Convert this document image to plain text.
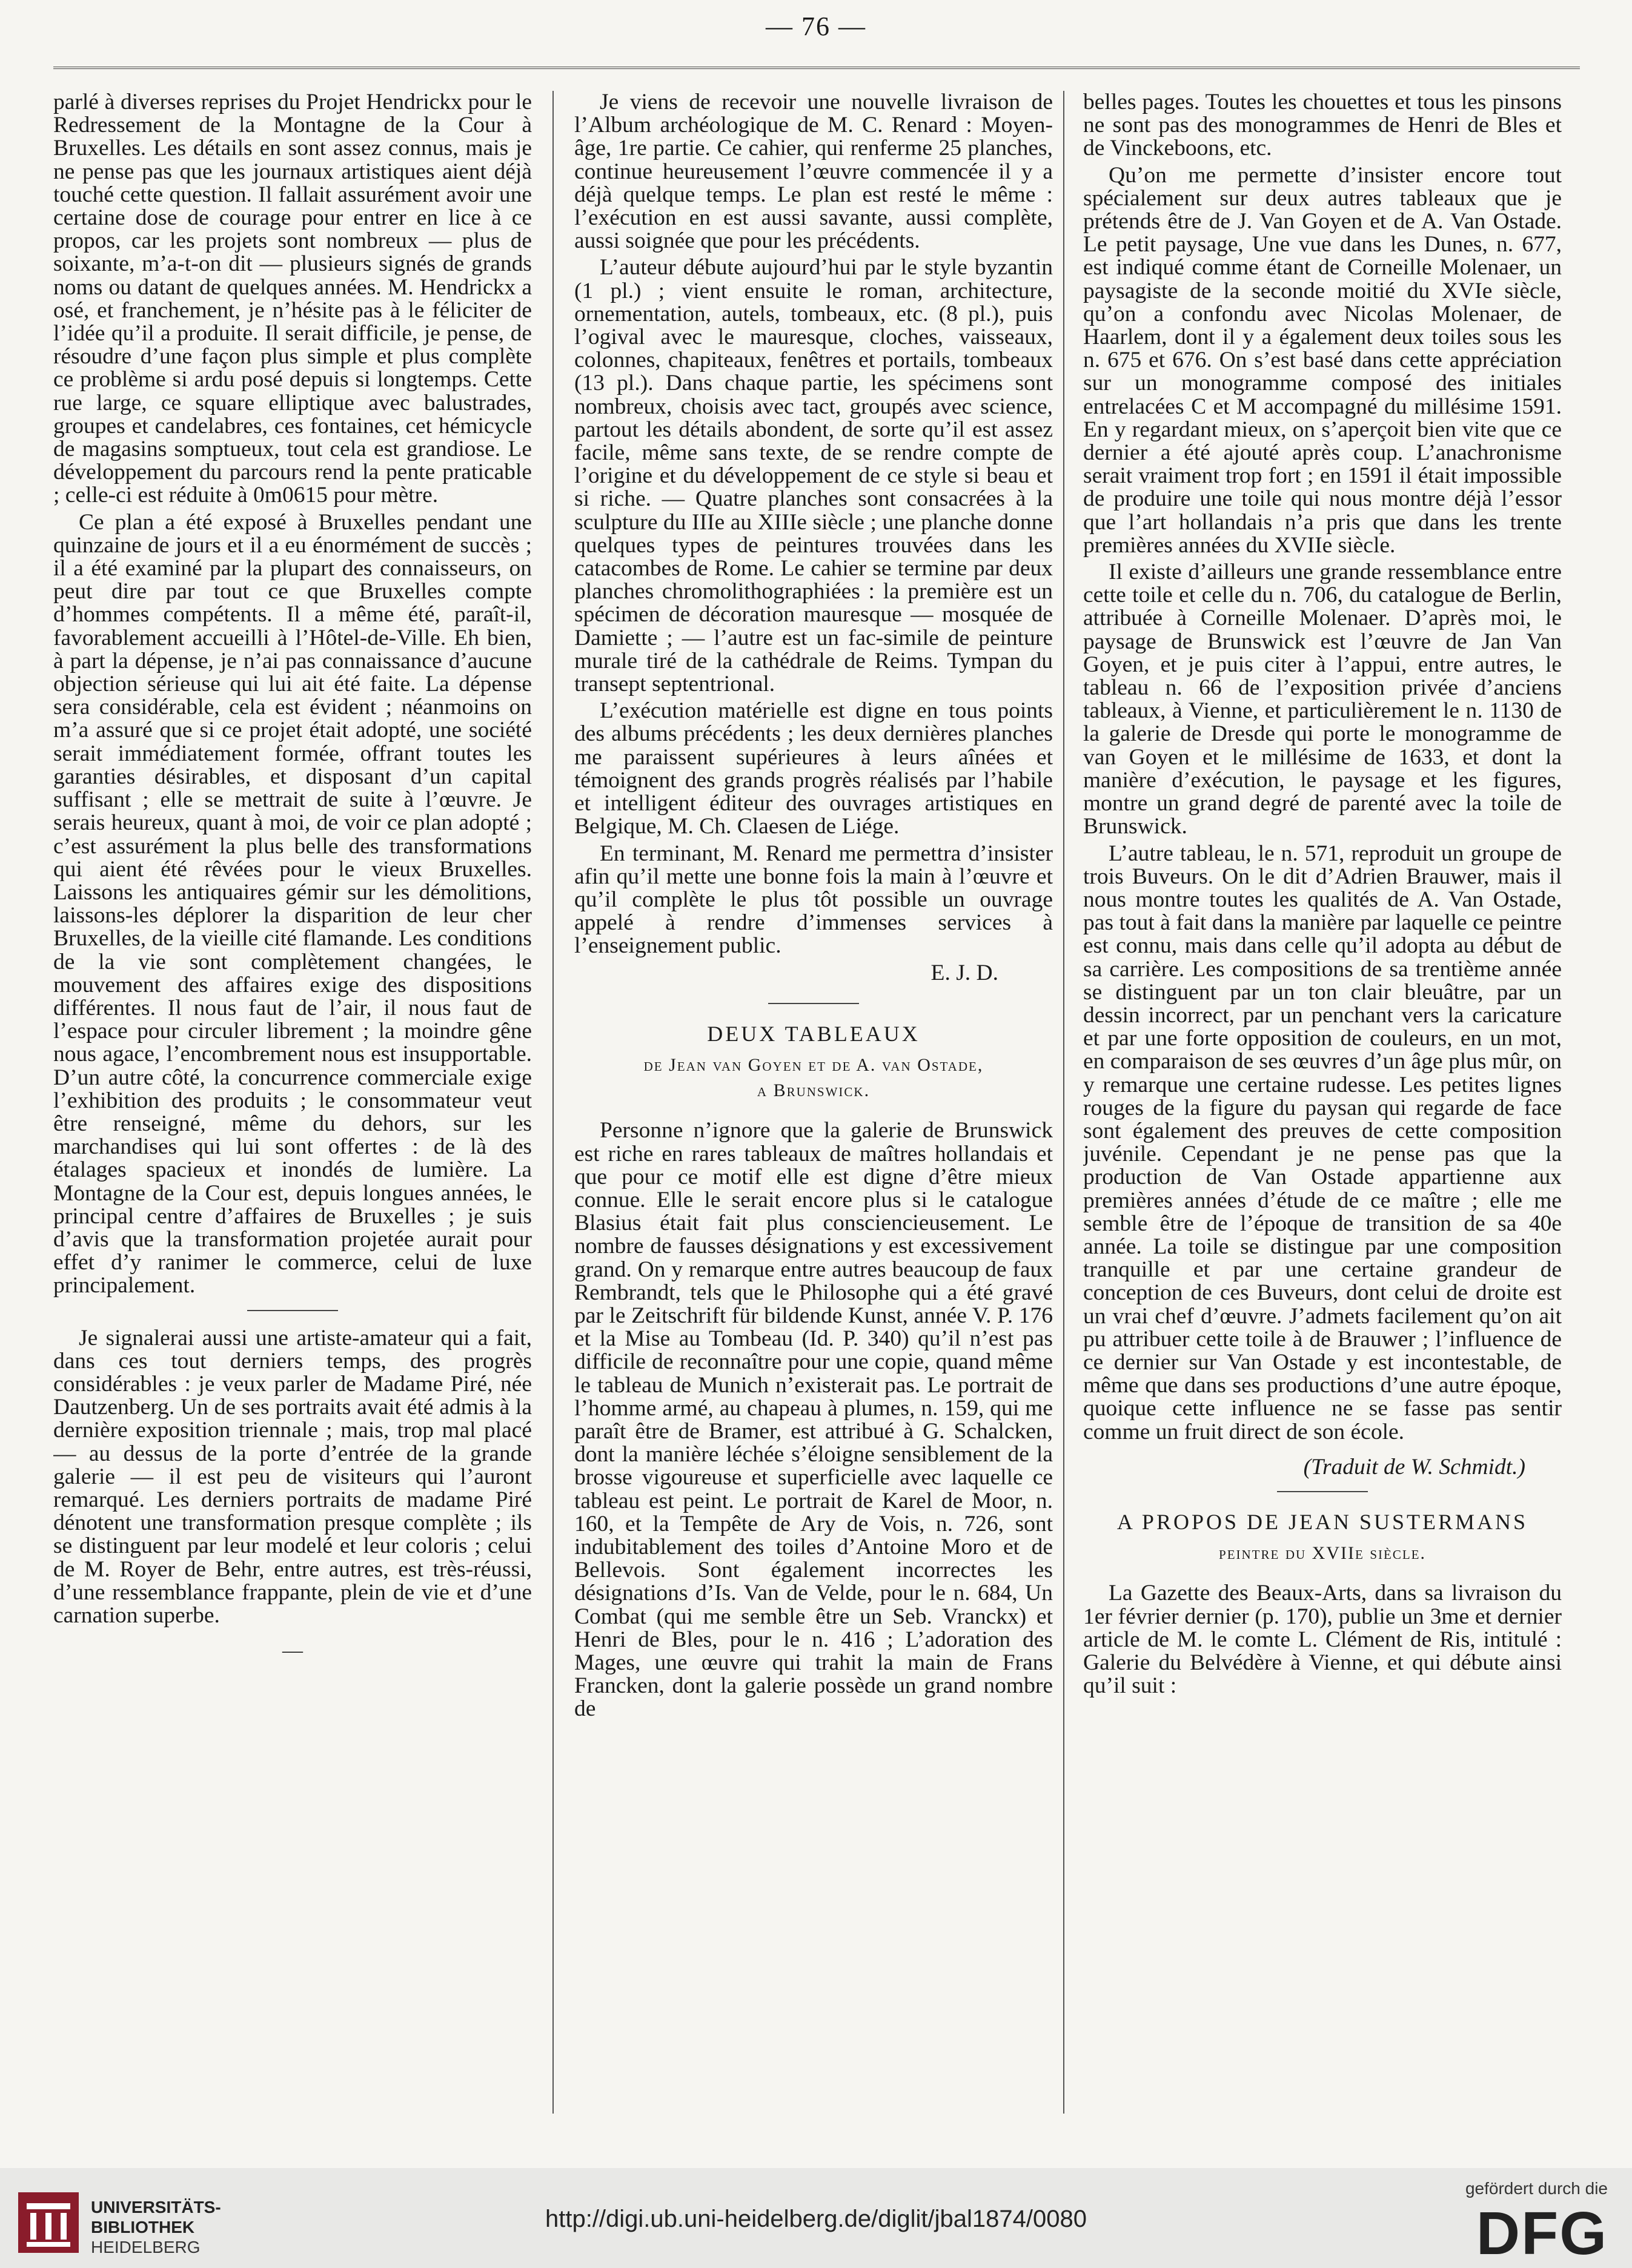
— 76 —

parlé à diverses reprises du Projet Hendrickx pour le Redressement de la Montagne de la Cour à Bruxelles. Les détails en sont assez connus, mais je ne pense pas que les journaux artistiques aient déjà touché cette question. Il fallait assurément avoir une certaine dose de courage pour entrer en lice à ce propos, car les projets sont nombreux — plus de soixante, m’a-t-on dit — plusieurs signés de grands noms ou datant de quelques années. M. Hendrickx a osé, et franchement, je n’hésite pas à le féliciter de l’idée qu’il a produite. Il serait difficile, je pense, de résoudre d’une façon plus simple et plus complète ce problème si ardu posé depuis si longtemps. Cette rue large, ce square elliptique avec balustrades, groupes et candelabres, ces fontaines, cet hémicycle de magasins somptueux, tout cela est grandiose. Le développement du parcours rend la pente praticable ; celle-ci est réduite à 0m0615 pour mètre.

Ce plan a été exposé à Bruxelles pendant une quinzaine de jours et il a eu énormément de succès ; il a été examiné par la plupart des connaisseurs, on peut dire par tout ce que Bruxelles compte d’hommes compétents. Il a même été, paraît-il, favorablement accueilli à l’Hôtel-de-Ville. Eh bien, à part la dépense, je n’ai pas connaissance d’aucune objection sérieuse qui lui ait été faite. La dépense sera considérable, cela est évident ; néanmoins on m’a assuré que si ce projet était adopté, une société serait immédiatement formée, offrant toutes les garanties désirables, et disposant d’un capital suffisant ; elle se mettrait de suite à l’œuvre. Je serais heureux, quant à moi, de voir ce plan adopté ; c’est assurément la plus belle des transformations qui aient été rêvées pour le vieux Bruxelles. Laissons les antiquaires gémir sur les démolitions, laissons-les déplorer la disparition de leur cher Bruxelles, de la vieille cité flamande. Les conditions de la vie sont complètement changées, le mouvement des affaires exige des dispositions différentes. Il nous faut de l’air, il nous faut de l’espace pour circuler librement ; la moindre gêne nous agace, l’encombrement nous est insupportable. D’un autre côté, la concurrence commerciale exige l’exhibition des produits ; le consommateur veut être renseigné, même du dehors, sur les marchandises qui lui sont offertes : de là des étalages spacieux et inondés de lumière. La Montagne de la Cour est, depuis longues années, le principal centre d’affaires de Bruxelles ; je suis d’avis que la transformation projetée aurait pour effet d’y ranimer le commerce, celui de luxe principalement.

Je signalerai aussi une artiste-amateur qui a fait, dans ces tout derniers temps, des progrès considérables : je veux parler de Madame Piré, née Dautzenberg. Un de ses portraits avait été admis à la dernière exposition triennale ; mais, trop mal placé — au dessus de la porte d’entrée de la grande galerie — il est peu de visiteurs qui l’auront remarqué. Les derniers portraits de madame Piré dénotent une transformation presque complète ; ils se distinguent par leur modelé et leur coloris ; celui de M. Royer de Behr, entre autres, est très-réussi, d’une ressemblance frappante, plein de vie et d’une carnation superbe.

—

Je viens de recevoir une nouvelle livraison de l’Album archéologique de M. C. Renard : Moyen-âge, 1re partie. Ce cahier, qui renferme 25 planches, continue heureusement l’œuvre commencée il y a déjà quelque temps. Le plan est resté le même : l’exécution en est aussi savante, aussi complète, aussi soignée que pour les précédents.

L’auteur débute aujourd’hui par le style byzantin (1 pl.) ; vient ensuite le roman, architecture, ornementation, autels, tombeaux, etc. (8 pl.), puis l’ogival avec le mauresque, cloches, vaisseaux, colonnes, chapiteaux, fenêtres et portails, tombeaux (13 pl.). Dans chaque partie, les spécimens sont nombreux, choisis avec tact, groupés avec science, partout les détails abondent, de sorte qu’il est assez facile, même sans texte, de se rendre compte de l’origine et du développement de ce style si beau et si riche. — Quatre planches sont consacrées à la sculpture du IIIe au XIIIe siècle ; une planche donne quelques types de peintures trouvées dans les catacombes de Rome. Le cahier se termine par deux planches chromolithographiées : la première est un spécimen de décoration mauresque — mosquée de Damiette ; — l’autre est un fac-simile de peinture murale tiré de la cathédrale de Reims. Tympan du transept septentrional.

L’exécution matérielle est digne en tous points des albums précédents ; les deux dernières planches me paraissent supérieures à leurs aînées et témoignent des grands progrès réalisés par l’habile et intelligent éditeur des ouvrages artistiques en Belgique, M. Ch. Claesen de Liége.

En terminant, M. Renard me permettra d’insister afin qu’il mette une bonne fois la main à l’œuvre et qu’il complète le plus tôt possible un ouvrage appelé à rendre d’immenses services à l’enseignement public.

E. J. D.
DEUX TABLEAUX
de Jean van Goyen et de A. van Ostade,
a Brunswick.

Personne n’ignore que la galerie de Brunswick est riche en rares tableaux de maîtres hollandais et que pour ce motif elle est digne d’être mieux connue. Elle le serait encore plus si le catalogue Blasius était fait plus consciencieusement. Le nombre de fausses désignations y est excessivement grand. On y remarque entre autres beaucoup de faux Rembrandt, tels que le Philosophe qui a été gravé par le Zeitschrift für bildende Kunst, année V. P. 176 et la Mise au Tombeau (Id. P. 340) qu’il n’est pas difficile de reconnaître pour une copie, quand même le tableau de Munich n’existerait pas. Le portrait de l’homme armé, au chapeau à plumes, n. 159, qui me paraît être de Bramer, est attribué à G. Schalcken, dont la manière léchée s’éloigne sensiblement de la brosse vigoureuse et superficielle avec laquelle ce tableau est peint. Le portrait de Karel de Moor, n. 160, et la Tempête de Ary de Vois, n. 726, sont indubitablement des toiles d’Antoine Moro et de Bellevois. Sont également incorrectes les désignations d’Is. Van de Velde, pour le n. 684, Un Combat (qui me semble être un Seb. Vranckx) et Henri de Bles, pour le n. 416 ; L’adoration des Mages, une œuvre qui trahit la main de Frans Francken, dont la galerie possède un grand nombre de

belles pages. Toutes les chouettes et tous les pinsons ne sont pas des monogrammes de Henri de Bles et de Vinckeboons, etc.

Qu’on me permette d’insister encore tout spécialement sur deux autres tableaux que je prétends être de J. Van Goyen et de A. Van Ostade. Le petit paysage, Une vue dans les Dunes, n. 677, est indiqué comme étant de Corneille Molenaer, un paysagiste de la seconde moitié du XVIe siècle, qu’on a confondu avec Nicolas Molenaer, de Haarlem, dont il y a également deux toiles sous les n. 675 et 676. On s’est basé dans cette appréciation sur un monogramme composé des initiales entrelacées C et M accompagné du millésime 1591. En y regardant mieux, on s’aperçoit bien vite que ce dernier a été ajouté après coup. L’anachronisme serait vraiment trop fort ; en 1591 il était impossible de produire une toile qui nous montre déjà l’essor que l’art hollandais n’a pris que dans les trente premières années du XVIIe siècle.

Il existe d’ailleurs une grande ressemblance entre cette toile et celle du n. 706, du catalogue de Berlin, attribuée à Corneille Molenaer. D’après moi, le paysage de Brunswick est l’œuvre de Jan Van Goyen, et je puis citer à l’appui, entre autres, le tableau n. 66 de l’exposition privée d’anciens tableaux, à Vienne, et particulièrement le n. 1130 de la galerie de Dresde qui porte le monogramme de van Goyen et le millésime de 1633, et dont la manière d’exécution, le paysage et les figures, montre un grand degré de parenté avec la toile de Brunswick.

L’autre tableau, le n. 571, reproduit un groupe de trois Buveurs. On le dit d’Adrien Brauwer, mais il nous montre toutes les qualités de A. Van Ostade, pas tout à fait dans la manière par laquelle ce peintre est connu, mais dans celle qu’il adopta au début de sa carrière. Les compositions de sa trentième année se distinguent par un ton clair bleuâtre, par un dessin incorrect, par un penchant vers la caricature et par une forte opposition de couleurs, en un mot, en comparaison de ses œuvres d’un âge plus mûr, on y remarque une certaine rudesse. Les petites lignes rouges de la figure du paysan qui regarde de face sont également des preuves de cette composition juvénile. Cependant je ne pense pas que la production de Van Ostade appartienne aux premières années d’étude de ce maître ; elle me semble être de l’époque de transition de sa 40e année. La toile se distingue par une composition tranquille et par une certaine grandeur de conception de ces Buveurs, dont celui de droite est un vrai chef d’œuvre. J’admets facilement qu’on ait pu attribuer cette toile à de Brauwer ; l’influence de ce dernier sur Van Ostade y est incontestable, de même que dans ses productions d’une autre époque, quoique cette influence ne se fasse pas sentir comme un fruit direct de son école.

(Traduit de W. Schmidt.)
A PROPOS DE JEAN SUSTERMANS
peintre du XVIIe siècle.

La Gazette des Beaux-Arts, dans sa livraison du 1er février dernier (p. 170), publie un 3me et dernier article de M. le comte L. Clément de Ris, intitulé : Galerie du Belvédère à Vienne, et qui débute ainsi qu’il suit :

UNIVERSITÄTS-
BIBLIOTHEK
HEIDELBERG
http://digi.ub.uni-heidelberg.de/diglit/jbal1874/0080
gefördert durch die
DFG
